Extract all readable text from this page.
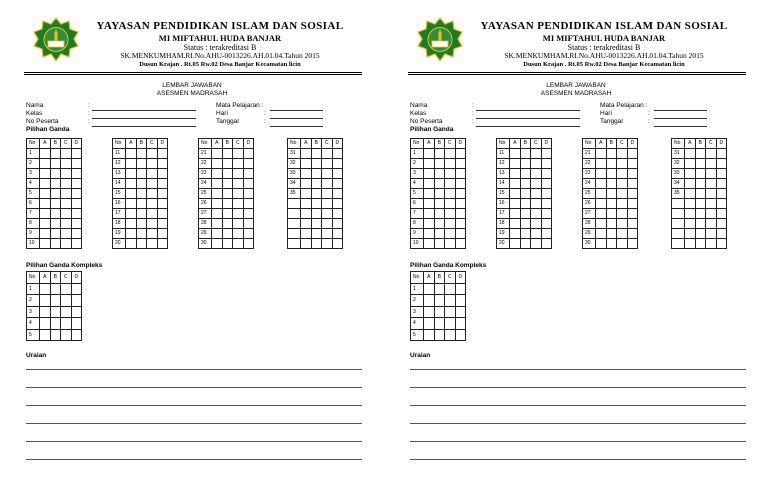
YAYASAN PENDIDIKAN ISLAM DAN SOSIAL
MI MIFTAHUL HUDA BANJAR
Status : terakreditasi B
SK.MENKUMHAM.RI.No.AHU-0013226.AH.01.04.Tahun 2015
Dusun Krajan . Rt.05 Rw.02 Desa Banjar Kecamatan licin
LEMBAR JAWABAN
ASESMEN MADRASAH
Nama	:
Kelas	:
No Peserta	:
Mata Pelajaran :
Hari	:
Tanggal	:
Pilihan Ganda
No	A	B	C	D
1				
2				
3				
4				
5				
6				
7				
8				
9				
10				
No	A	B	C	D
11				
12				
13				
14				
15				
16				
17				
18				
19				
20				
No	A	B	C	D
21				
22				
23				
24				
25				
26				
27				
28				
29				
30				
No	A	B	C	D
31				
32				
33				
34				
35				

Pilihan Ganda Kompleks
No	A	B	C	D
1				
2				
3				
4				
5				
Uraian
YAYASAN PENDIDIKAN ISLAM DAN SOSIAL
MI MIFTAHUL HUDA BANJAR
Status : terakreditasi B
SK.MENKUMHAM.RI.No.AHU-0013226.AH.01.04.Tahun 2015
Dusun Krajan . Rt.05 Rw.02 Desa Banjar Kecamatan licin
LEMBAR JAWABAN
ASESMEN MADRASAH
Nama	:
Kelas	:
No Peserta	:
Mata Pelajaran :
Hari	:
Tanggal	:
Pilihan Ganda
No	A	B	C	D
1				
2				
3				
4				
5				
6				
7				
8				
9				
10				
No	A	B	C	D
11				
12				
13				
14				
15				
16				
17				
18				
19				
20				
No	A	B	C	D
21				
22				
23				
24				
25				
26				
27				
28				
29				
30				
No	A	B	C	D
31				
32				
33				
34				
35				

Pilihan Ganda Kompleks
No	A	B	C	D
1				
2				
3				
4				
5				
Uraian
